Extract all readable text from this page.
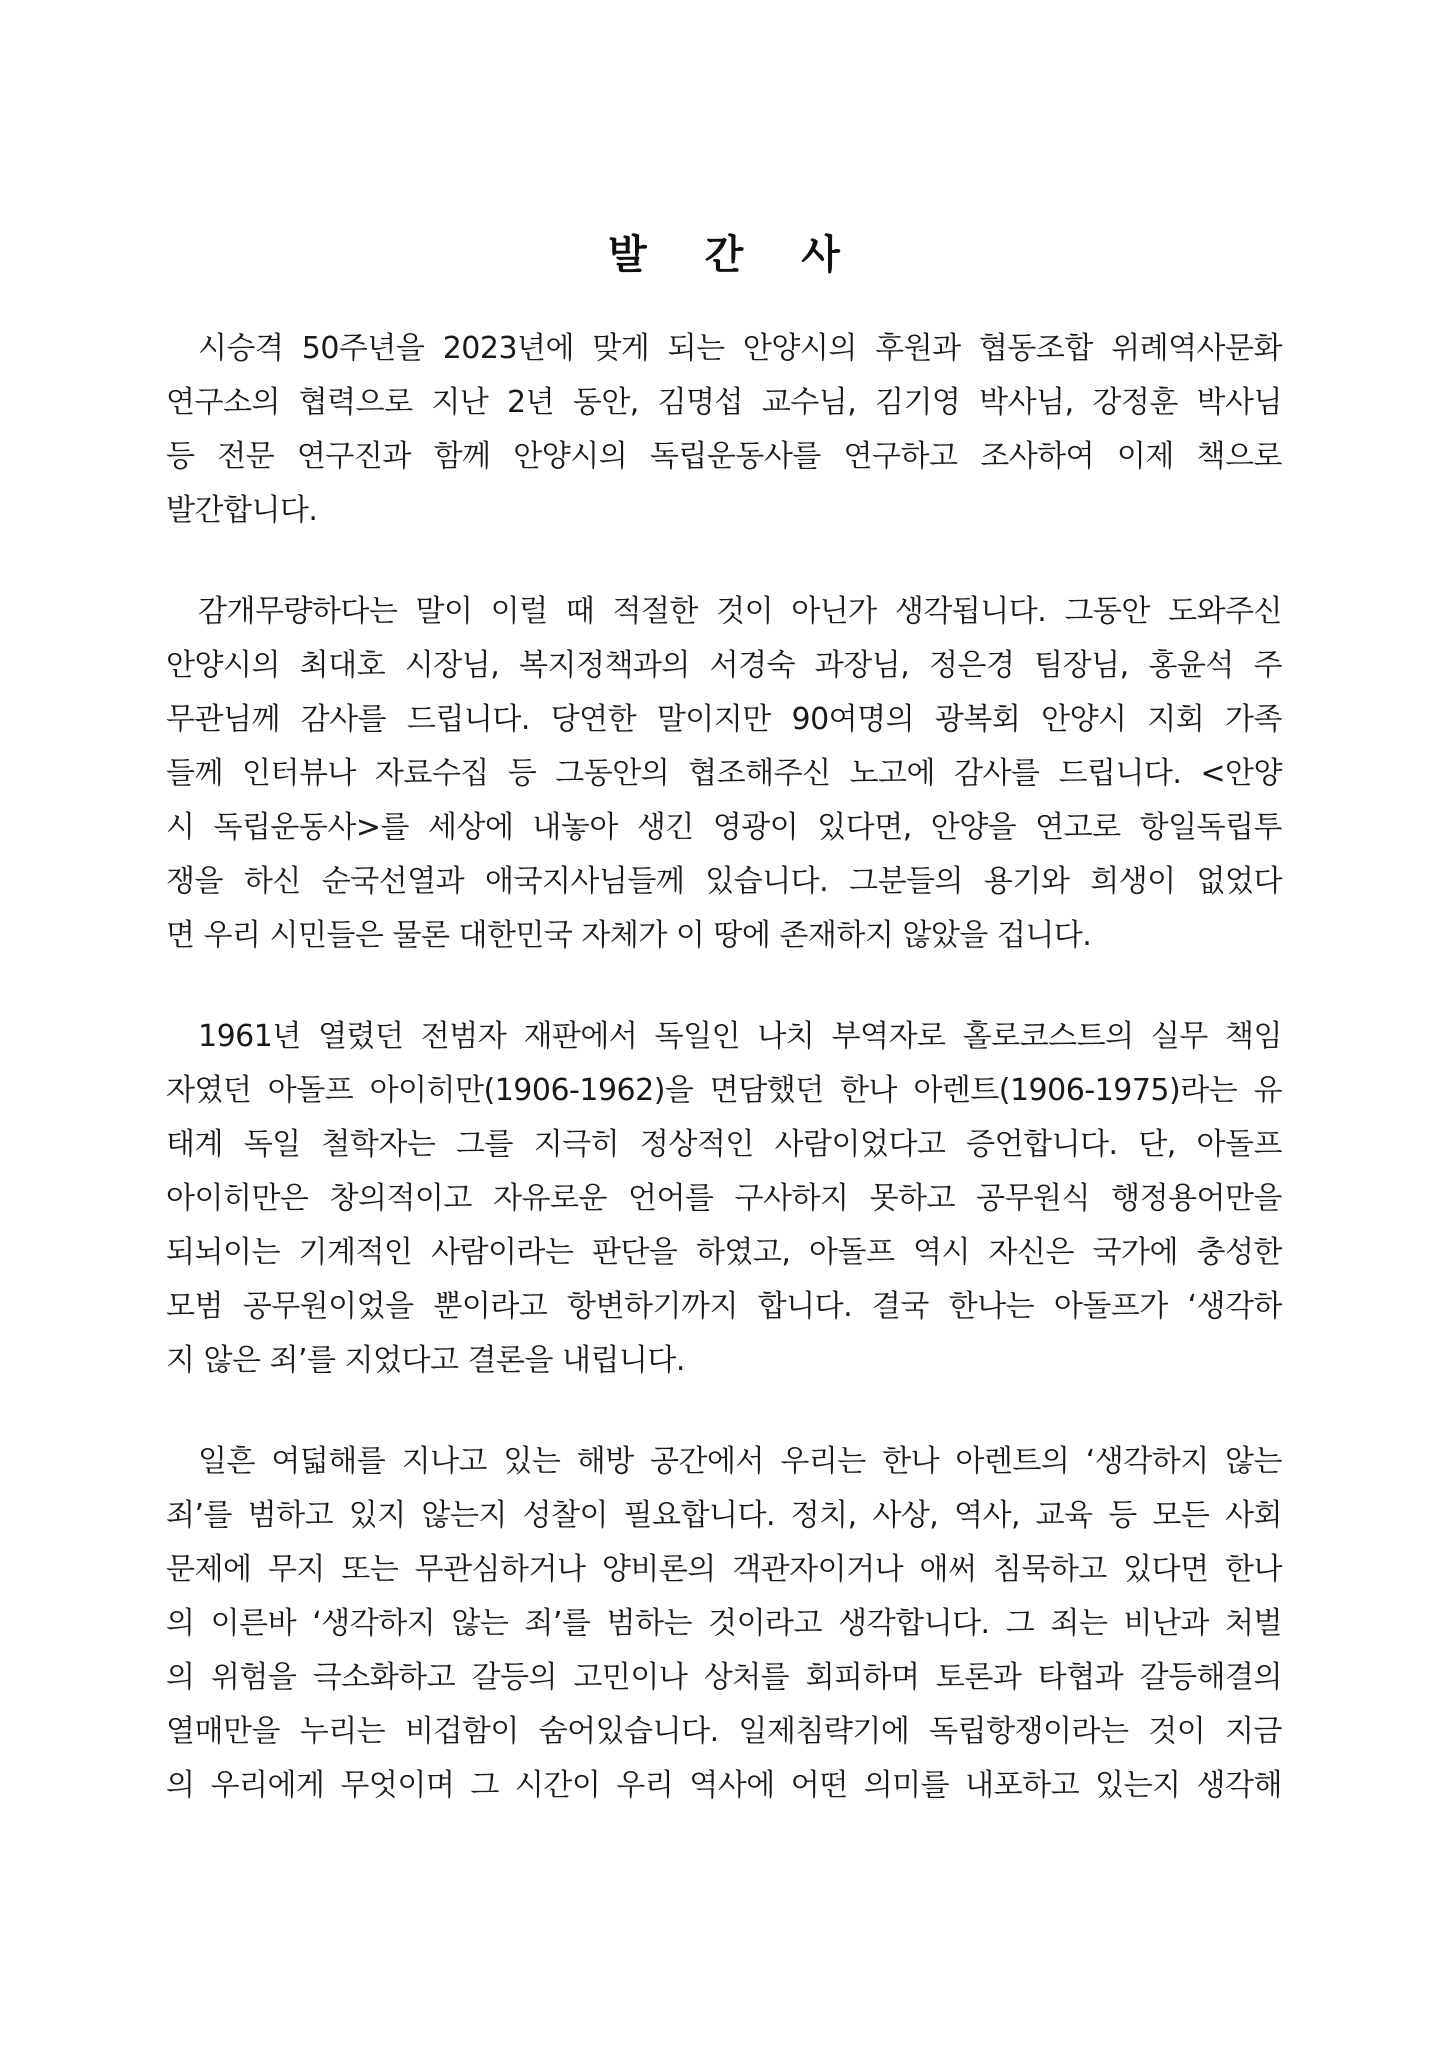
발 간 사
시승격 50주년을 2023년에 맞게 되는 안양시의 후원과 협동조합 위례역사문화
연구소의 협력으로 지난 2년 동안, 김명섭 교수님, 김기영 박사님, 강정훈 박사님
등 전문 연구진과 함께 안양시의 독립운동사를 연구하고 조사하여 이제 책으로
발간합니다.
감개무량하다는 말이 이럴 때 적절한 것이 아닌가 생각됩니다. 그동안 도와주신
안양시의 최대호 시장님, 복지정책과의 서경숙 과장님, 정은경 팀장님, 홍윤석 주
무관님께 감사를 드립니다. 당연한 말이지만 90여명의 광복회 안양시 지회 가족
들께 인터뷰나 자료수집 등 그동안의 협조해주신 노고에 감사를 드립니다. <안양
시 독립운동사>를 세상에 내놓아 생긴 영광이 있다면, 안양을 연고로 항일독립투
쟁을 하신 순국선열과 애국지사님들께 있습니다. 그분들의 용기와 희생이 없었다
면 우리 시민들은 물론 대한민국 자체가 이 땅에 존재하지 않았을 겁니다.
1961년 열렸던 전범자 재판에서 독일인 나치 부역자로 홀로코스트의 실무 책임
자였던 아돌프 아이히만(1906-1962)을 면담했던 한나 아렌트(1906-1975)라는 유
태계 독일 철학자는 그를 지극히 정상적인 사람이었다고 증언합니다. 단, 아돌프
아이히만은 창의적이고 자유로운 언어를 구사하지 못하고 공무원식 행정용어만을
되뇌이는 기계적인 사람이라는 판단을 하였고, 아돌프 역시 자신은 국가에 충성한
모범 공무원이었을 뿐이라고 항변하기까지 합니다. 결국 한나는 아돌프가 ‘생각하
지 않은 죄’를 지었다고 결론을 내립니다.
일흔 여덟해를 지나고 있는 해방 공간에서 우리는 한나 아렌트의 ‘생각하지 않는
죄’를 범하고 있지 않는지 성찰이 필요합니다. 정치, 사상, 역사, 교육 등 모든 사회
문제에 무지 또는 무관심하거나 양비론의 객관자이거나 애써 침묵하고 있다면 한나
의 이른바 ‘생각하지 않는 죄’를 범하는 것이라고 생각합니다. 그 죄는 비난과 처벌
의 위험을 극소화하고 갈등의 고민이나 상처를 회피하며 토론과 타협과 갈등해결의
열매만을 누리는 비겁함이 숨어있습니다. 일제침략기에 독립항쟁이라는 것이 지금
의 우리에게 무엇이며 그 시간이 우리 역사에 어떤 의미를 내포하고 있는지 생각해
